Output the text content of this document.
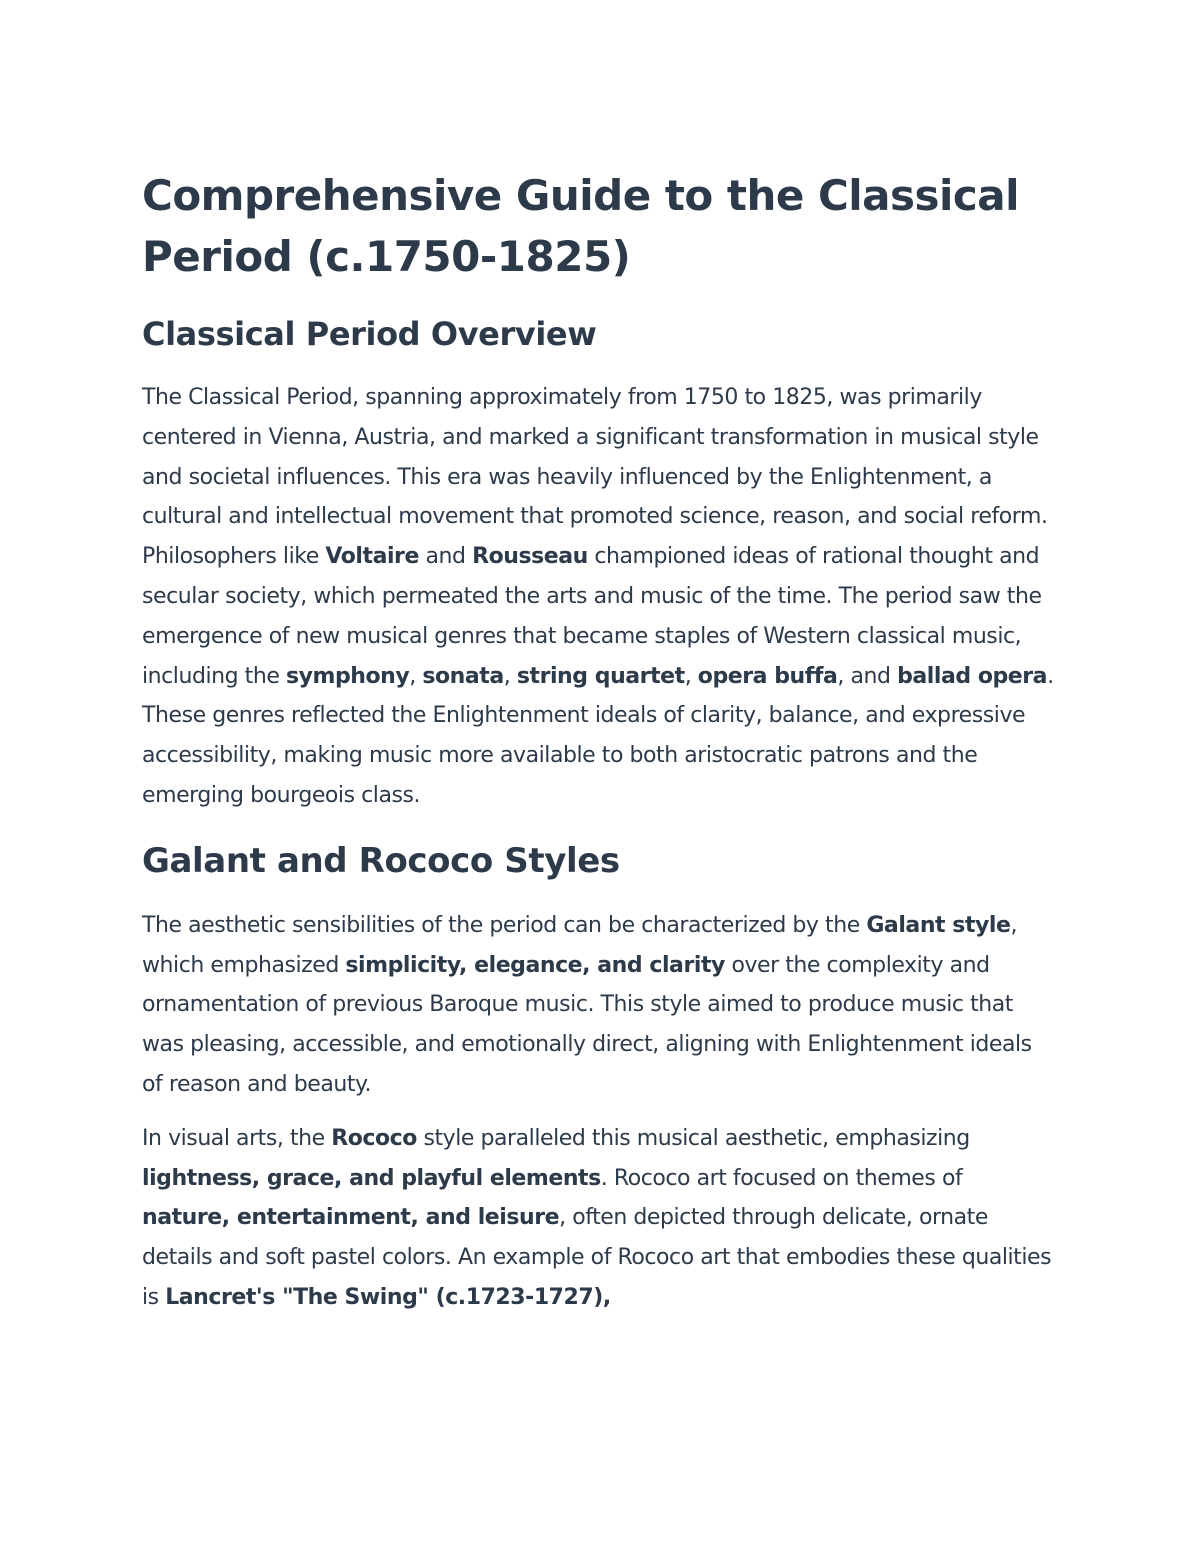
Comprehensive Guide to the Classical Period (c.1750-1825)
Classical Period Overview

The Classical Period, spanning approximately from 1750 to 1825, was primarily centered in Vienna, Austria, and marked a significant transformation in musical style and societal influences. This era was heavily influenced by the Enlightenment, a cultural and intellectual movement that promoted science, reason, and social reform. Philosophers like Voltaire and Rousseau championed ideas of rational thought and secular society, which permeated the arts and music of the time. The period saw the emergence of new musical genres that became staples of Western classical music, including the symphony, sonata, string quartet, opera buffa, and ballad opera. These genres reflected the Enlightenment ideals of clarity, balance, and expressive accessibility, making music more available to both aristocratic patrons and the emerging bourgeois class.

Galant and Rococo Styles

The aesthetic sensibilities of the period can be characterized by the Galant style, which emphasized simplicity, elegance, and clarity over the complexity and ornamentation of previous Baroque music. This style aimed to produce music that was pleasing, accessible, and emotionally direct, aligning with Enlightenment ideals of reason and beauty.

In visual arts, the Rococo style paralleled this musical aesthetic, emphasizing lightness, grace, and playful elements. Rococo art focused on themes of nature, entertainment, and leisure, often depicted through delicate, ornate details and soft pastel colors. An example of Rococo art that embodies these qualities is Lancret's "The Swing" (c.1723-1727),
